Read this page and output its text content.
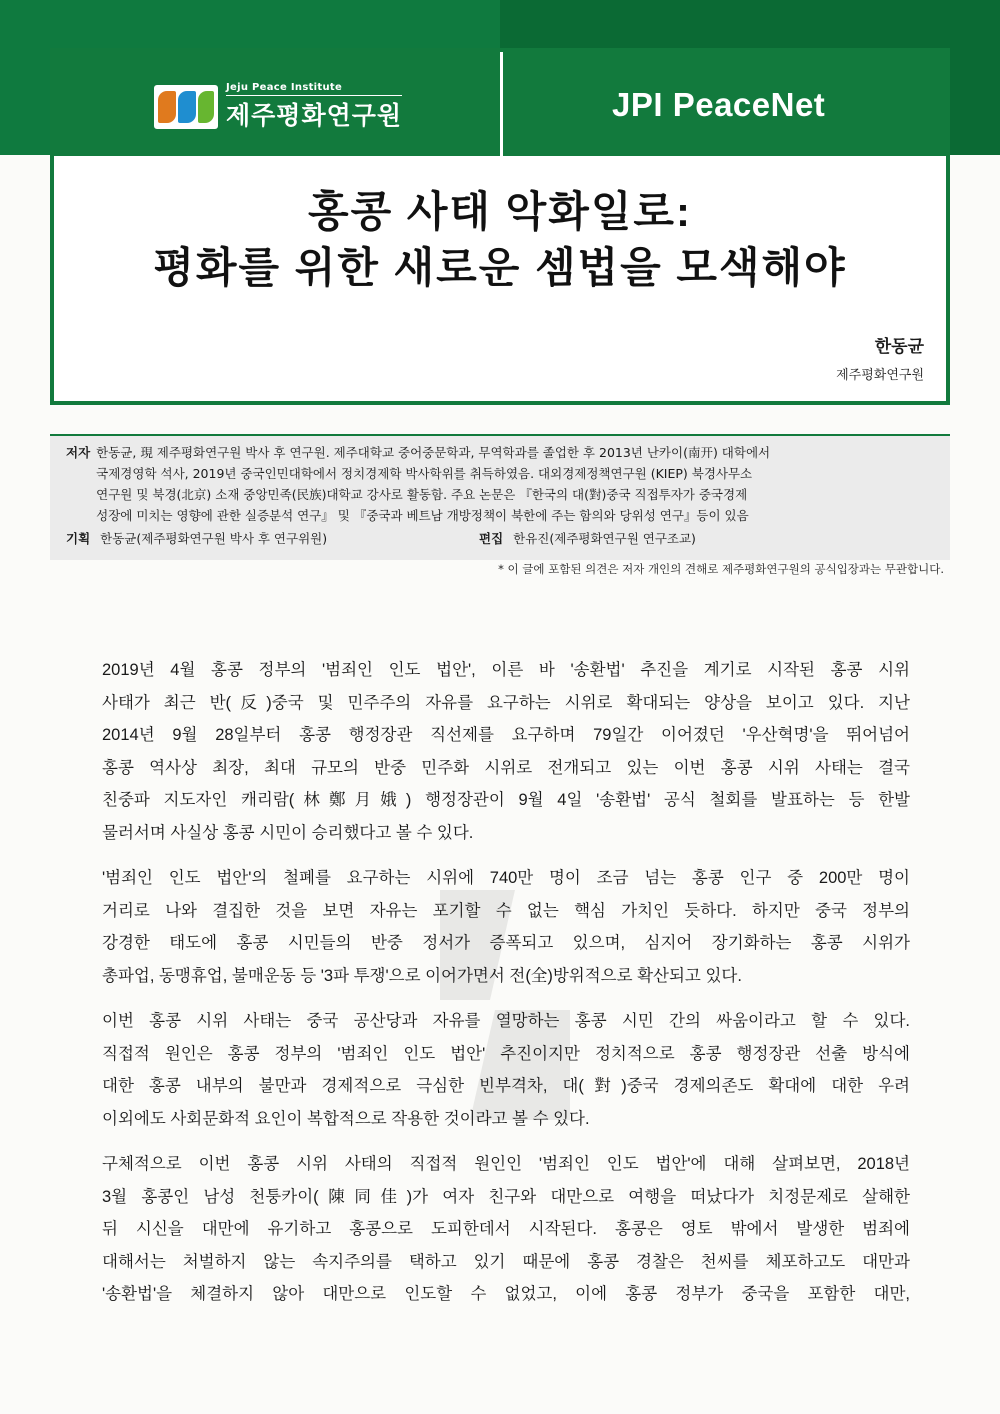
Jeju Peace Institute
제주평화연구원	JPI PeaceNet
홍콩 사태 악화일로:
평화를 위한 새로운 셈법을 모색해야
한동균
제주평화연구원
저자 한동균, 現 제주평화연구원 박사 후 연구원. 제주대학교 중어중문학과, 무역학과를 졸업한 후 2013년 난카이(南开) 대학에서
국제경영학 석사, 2019년 중국인민대학에서 정치경제학 박사학위를 취득하였음. 대외경제정책연구원 (KIEP) 북경사무소
연구원 및 북경(北京) 소재 중앙민족(民族)대학교 강사로 활동함. 주요 논문은 『한국의 대(對)중국 직접투자가 중국경제
성장에 미치는 영향에 관한 실증분석 연구』 및 『중국과 베트남 개방정책이 북한에 주는 함의와 당위성 연구』등이 있음
기획 한동균(제주평화연구원 박사 후 연구위원)	편집 한유진(제주평화연구원 연구조교)
* 이 글에 포함된 의견은 저자 개인의 견해로 제주평화연구원의 공식입장과는 무관합니다.

2019년 4월 홍콩 정부의 '범죄인 인도 법안', 이른 바 '송환법' 추진을 계기로 시작된 홍콩 시위
사태가 최근 반(反)중국 및 민주주의 자유를 요구하는 시위로 확대되는 양상을 보이고 있다. 지난
2014년 9월 28일부터 홍콩 행정장관 직선제를 요구하며 79일간 이어졌던 '우산혁명'을 뛰어넘어
홍콩 역사상 최장, 최대 규모의 반중 민주화 시위로 전개되고 있는 이번 홍콩 시위 사태는 결국
친중파 지도자인 캐리람(林鄭月娥) 행정장관이 9월 4일 '송환법' 공식 철회를 발표하는 등 한발
물러서며 사실상 홍콩 시민이 승리했다고 볼 수 있다.

'범죄인 인도 법안'의 철폐를 요구하는 시위에 740만 명이 조금 넘는 홍콩 인구 중 200만 명이
거리로 나와 결집한 것을 보면 자유는 포기할 수 없는 핵심 가치인 듯하다. 하지만 중국 정부의
강경한 태도에 홍콩 시민들의 반중 정서가 증폭되고 있으며, 심지어 장기화하는 홍콩 시위가
총파업, 동맹휴업, 불매운동 등 '3파 투쟁'으로 이어가면서 전(全)방위적으로 확산되고 있다.

이번 홍콩 시위 사태는 중국 공산당과 자유를 열망하는 홍콩 시민 간의 싸움이라고 할 수 있다.
직접적 원인은 홍콩 정부의 '범죄인 인도 법안' 추진이지만 정치적으로 홍콩 행정장관 선출 방식에
대한 홍콩 내부의 불만과 경제적으로 극심한 빈부격차, 대(對)중국 경제의존도 확대에 대한 우려
이외에도 사회문화적 요인이 복합적으로 작용한 것이라고 볼 수 있다.

구체적으로 이번 홍콩 시위 사태의 직접적 원인인 '범죄인 인도 법안'에 대해 살펴보면, 2018년
3월 홍콩인 남성 천퉁카이(陳同佳)가 여자 친구와 대만으로 여행을 떠났다가 치정문제로 살해한
뒤 시신을 대만에 유기하고 홍콩으로 도피한데서 시작된다. 홍콩은 영토 밖에서 발생한 범죄에
대해서는 처벌하지 않는 속지주의를 택하고 있기 때문에 홍콩 경찰은 천씨를 체포하고도 대만과
'송환법'을 체결하지 않아 대만으로 인도할 수 없었고, 이에 홍콩 정부가 중국을 포함한 대만,
